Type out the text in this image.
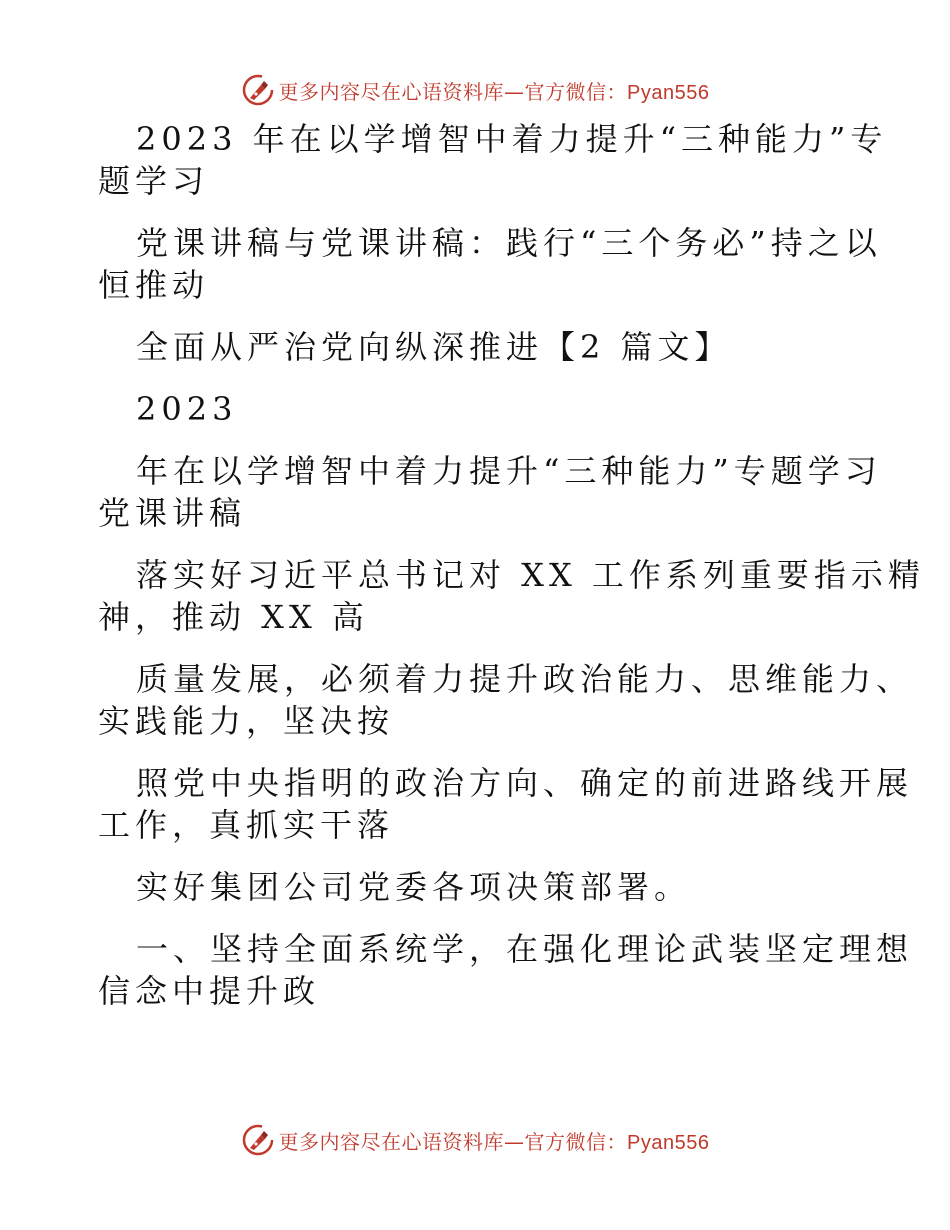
更多内容尽在心语资料库—官方微信：Pyan556
2023 年在以学增智中着力提升“三种能力”专
题学习
党课讲稿与党课讲稿：践行“三个务必”持之以
恒推动
全面从严治党向纵深推进【2 篇文】
2023
年在以学增智中着力提升“三种能力”专题学习
党课讲稿
落实好习近平总书记对 XX 工作系列重要指示精
神，推动 XX 高
质量发展，必须着力提升政治能力、思维能力、
实践能力，坚决按
照党中央指明的政治方向、确定的前进路线开展
工作，真抓实干落
实好集团公司党委各项决策部署。
一、坚持全面系统学，在强化理论武装坚定理想
信念中提升政
更多内容尽在心语资料库—官方微信：Pyan556
